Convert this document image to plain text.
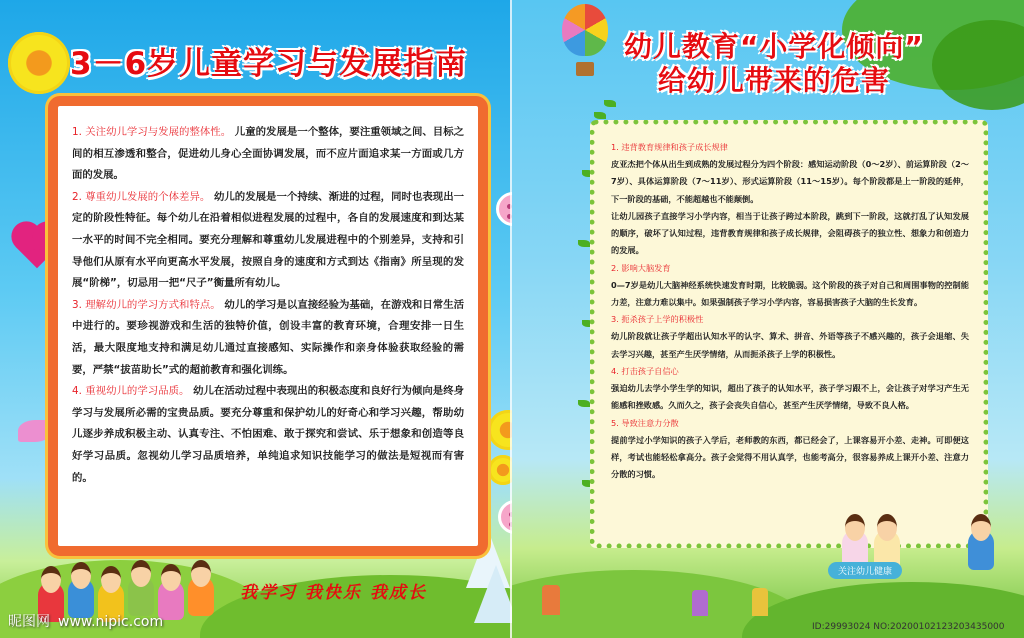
3－6岁儿童学习与发展指南

1. 关注幼儿学习与发展的整体性。 儿童的发展是一个整体，要注重领域之间、目标之间的相互渗透和整合，促进幼儿身心全面协调发展，而不应片面追求某一方面或几方面的发展。

2. 尊重幼儿发展的个体差异。 幼儿的发展是一个持续、渐进的过程，同时也表现出一定的阶段性特征。每个幼儿在沿着相似进程发展的过程中，各自的发展速度和到达某一水平的时间不完全相同。要充分理解和尊重幼儿发展进程中的个别差异，支持和引导他们从原有水平向更高水平发展，按照自身的速度和方式到达《指南》所呈现的发展“阶梯”，切忌用一把“尺子”衡量所有幼儿。

3. 理解幼儿的学习方式和特点。 幼儿的学习是以直接经验为基础，在游戏和日常生活中进行的。要珍视游戏和生活的独特价值，创设丰富的教育环境，合理安排一日生活，最大限度地支持和满足幼儿通过直接感知、实际操作和亲身体验获取经验的需要，严禁“拔苗助长”式的超前教育和强化训练。

4. 重视幼儿的学习品质。 幼儿在活动过程中表现出的积极态度和良好行为倾向是终身学习与发展所必需的宝贵品质。要充分尊重和保护幼儿的好奇心和学习兴趣，帮助幼儿逐步养成积极主动、认真专注、不怕困难、敢于探究和尝试、乐于想象和创造等良好学习品质。忽视幼儿学习品质培养，单纯追求知识技能学习的做法是短视而有害的。

我学习 我快乐 我成长
昵图网 www.nipic.com
幼儿教育“小学化倾向”
给幼儿带来的危害
1. 违背教育规律和孩子成长规律

皮亚杰把个体从出生到成熟的发展过程分为四个阶段：感知运动阶段（0～2岁）、前运算阶段（2～7岁）、具体运算阶段（7～11岁）、形式运算阶段（11～15岁）。每个阶段都是上一阶段的延伸，下一阶段的基础，不能超越也不能颠倒。

让幼儿园孩子直接学习小学内容，相当于让孩子跨过本阶段，跳到下一阶段，这就打乱了认知发展的顺序，破坏了认知过程，违背教育规律和孩子成长规律，会阻碍孩子的独立性、想象力和创造力的发展。

2. 影响大脑发育

0—7岁是幼儿大脑神经系统快速发育时期，比较脆弱。这个阶段的孩子对自己和周围事物的控制能力差，注意力难以集中。如果强制孩子学习小学内容，容易损害孩子大脑的生长发育。

3. 扼杀孩子上学的积极性

幼儿阶段就让孩子学超出认知水平的认字、算术、拼音、外语等孩子不感兴趣的，孩子会退缩、失去学习兴趣，甚至产生厌学情绪，从而扼杀孩子上学的积极性。

4. 打击孩子自信心

强迫幼儿去学小学生学的知识，超出了孩子的认知水平，孩子学习跟不上，会让孩子对学习产生无能感和挫败感。久而久之，孩子会丧失自信心，甚至产生厌学情绪，导致不良人格。

5. 导致注意力分散

提前学过小学知识的孩子入学后，老师教的东西，都已经会了，上课容易开小差、走神。可即便这样，考试也能轻松拿高分。孩子会觉得不用认真学，也能考高分，很容易养成上课开小差、注意力分散的习惯。

关注幼儿健康
ID:29993024 NO:20200102123203435000
